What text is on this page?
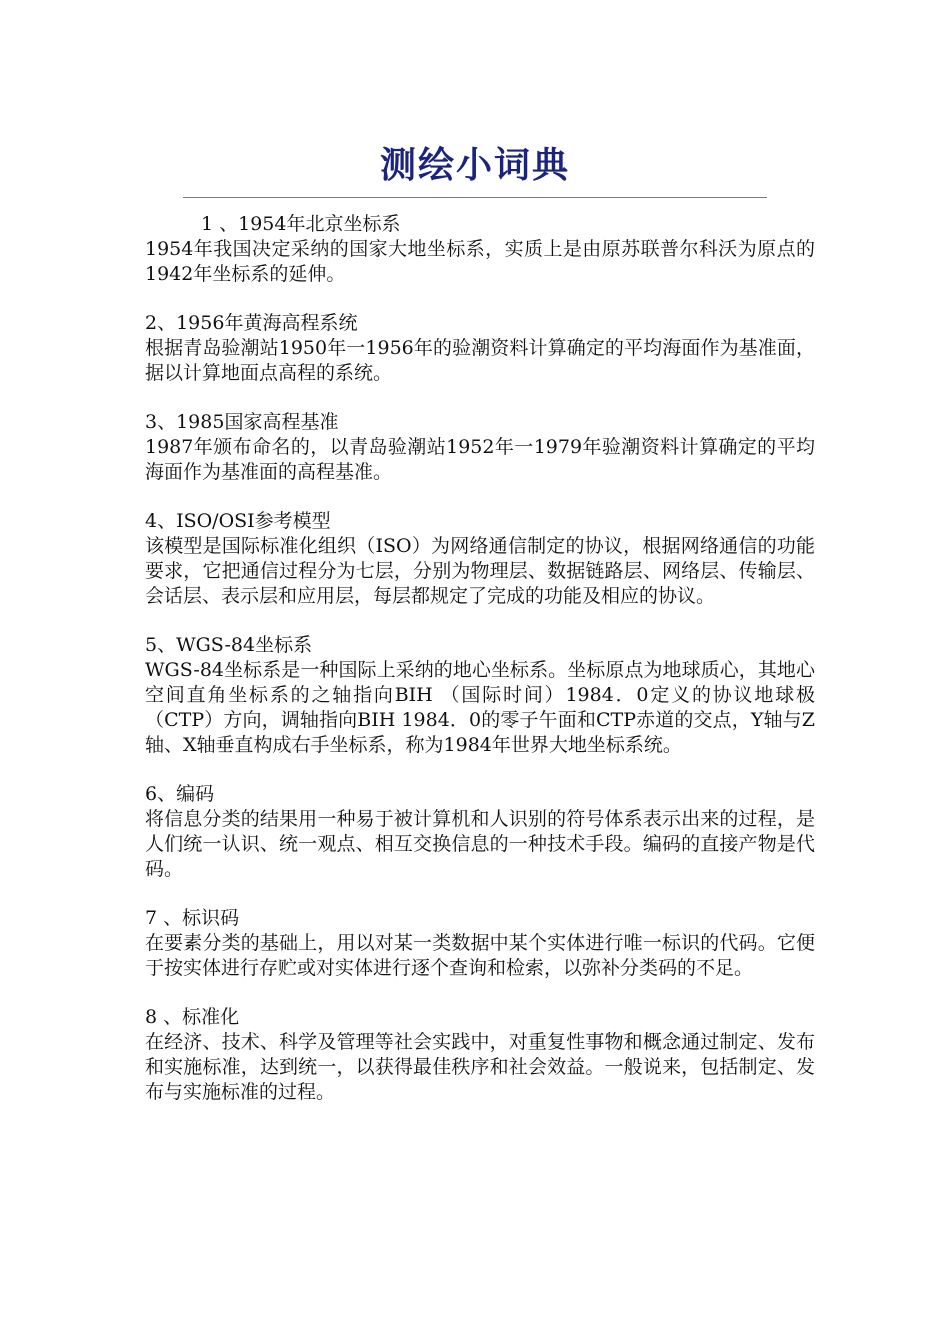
测绘小词典
1 、1954年北京坐标系
1954年我国决定采纳的国家大地坐标系，实质上是由原苏联普尔科沃为原点的1942年坐标系的延伸。
2、1956年黄海高程系统
根据青岛验潮站1950年一1956年的验潮资料计算确定的平均海面作为基准面，据以计算地面点高程的系统。
3、1985国家高程基准
1987年颁布命名的，以青岛验潮站1952年一1979年验潮资料计算确定的平均海面作为基准面的高程基准。
4、ISO/OSI参考模型
该模型是国际标准化组织（ISO）为网络通信制定的协议，根据网络通信的功能要求，它把通信过程分为七层，分别为物理层、数据链路层、网络层、传输层、会话层、表示层和应用层，每层都规定了完成的功能及相应的协议。
5、WGS-84坐标系
WGS-84坐标系是一种国际上采纳的地心坐标系。坐标原点为地球质心，其地心空间直角坐标系的之轴指向BIH （国际时间）1984．0定义的协议地球极（CTP）方向，调轴指向BIH 1984．0的零子午面和CTP赤道的交点，Y轴与Z轴、X轴垂直构成右手坐标系，称为1984年世界大地坐标系统。
6、编码
将信息分类的结果用一种易于被计算机和人识别的符号体系表示出来的过程，是人们统一认识、统一观点、相互交换信息的一种技术手段。编码的直接产物是代码。
7 、标识码
在要素分类的基础上，用以对某一类数据中某个实体进行唯一标识的代码。它便于按实体进行存贮或对实体进行逐个查询和检索，以弥补分类码的不足。
8 、标准化
在经济、技术、科学及管理等社会实践中，对重复性事物和概念通过制定、发布和实施标准，达到统一，以获得最佳秩序和社会效益。一般说来，包括制定、发布与实施标准的过程。
